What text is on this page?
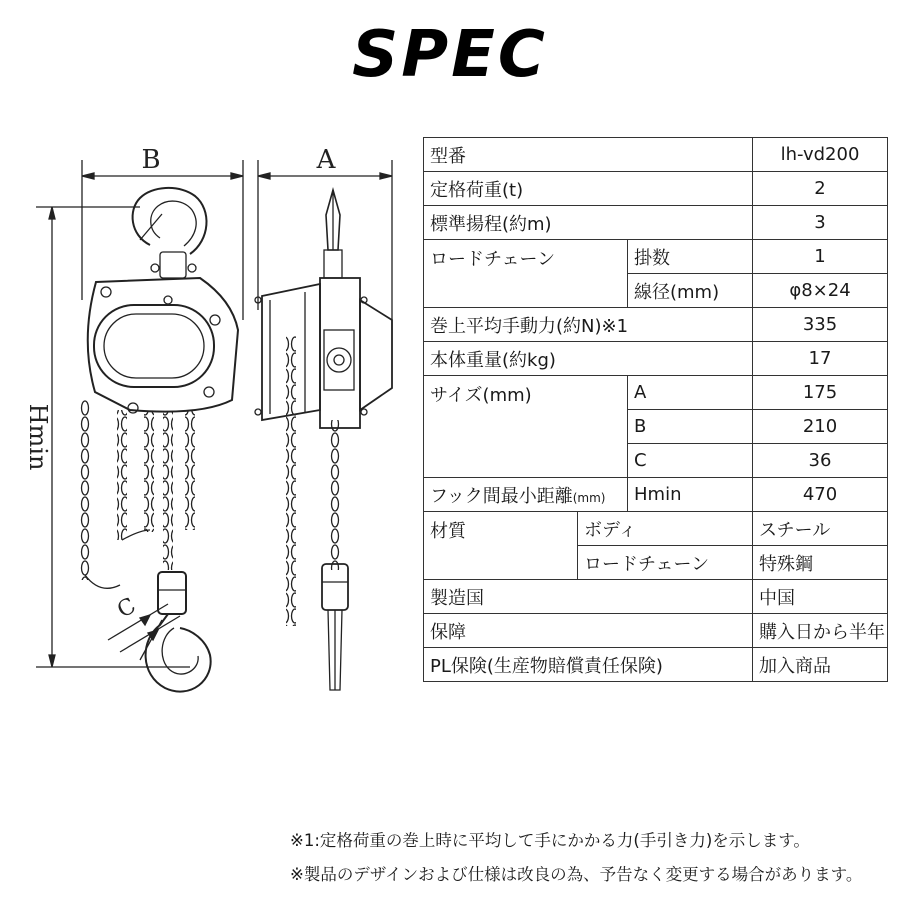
SPEC
B	A
Hmin
C
型番			lh-vd200
定格荷重(t)			2
標準揚程(約m)			3
ロードチェーン		掛数	1
		線径(mm)	φ8×24
巻上平均手動力(約N)※1			335
本体重量(約kg)			17
サイズ(mm)		A	175
		B	210
		C	36
フック間最小距離(mm)		Hmin	470
材質	ボディ		スチール
	ロードチェーン		特殊鋼
製造国			中国
保障			購入日から半年
PL保険(生産物賠償責任保険)			加入商品
※1:定格荷重の巻上時に平均して手にかかる力(手引き力)を示します。
※製品のデザインおよび仕様は改良の為、予告なく変更する場合があります。
